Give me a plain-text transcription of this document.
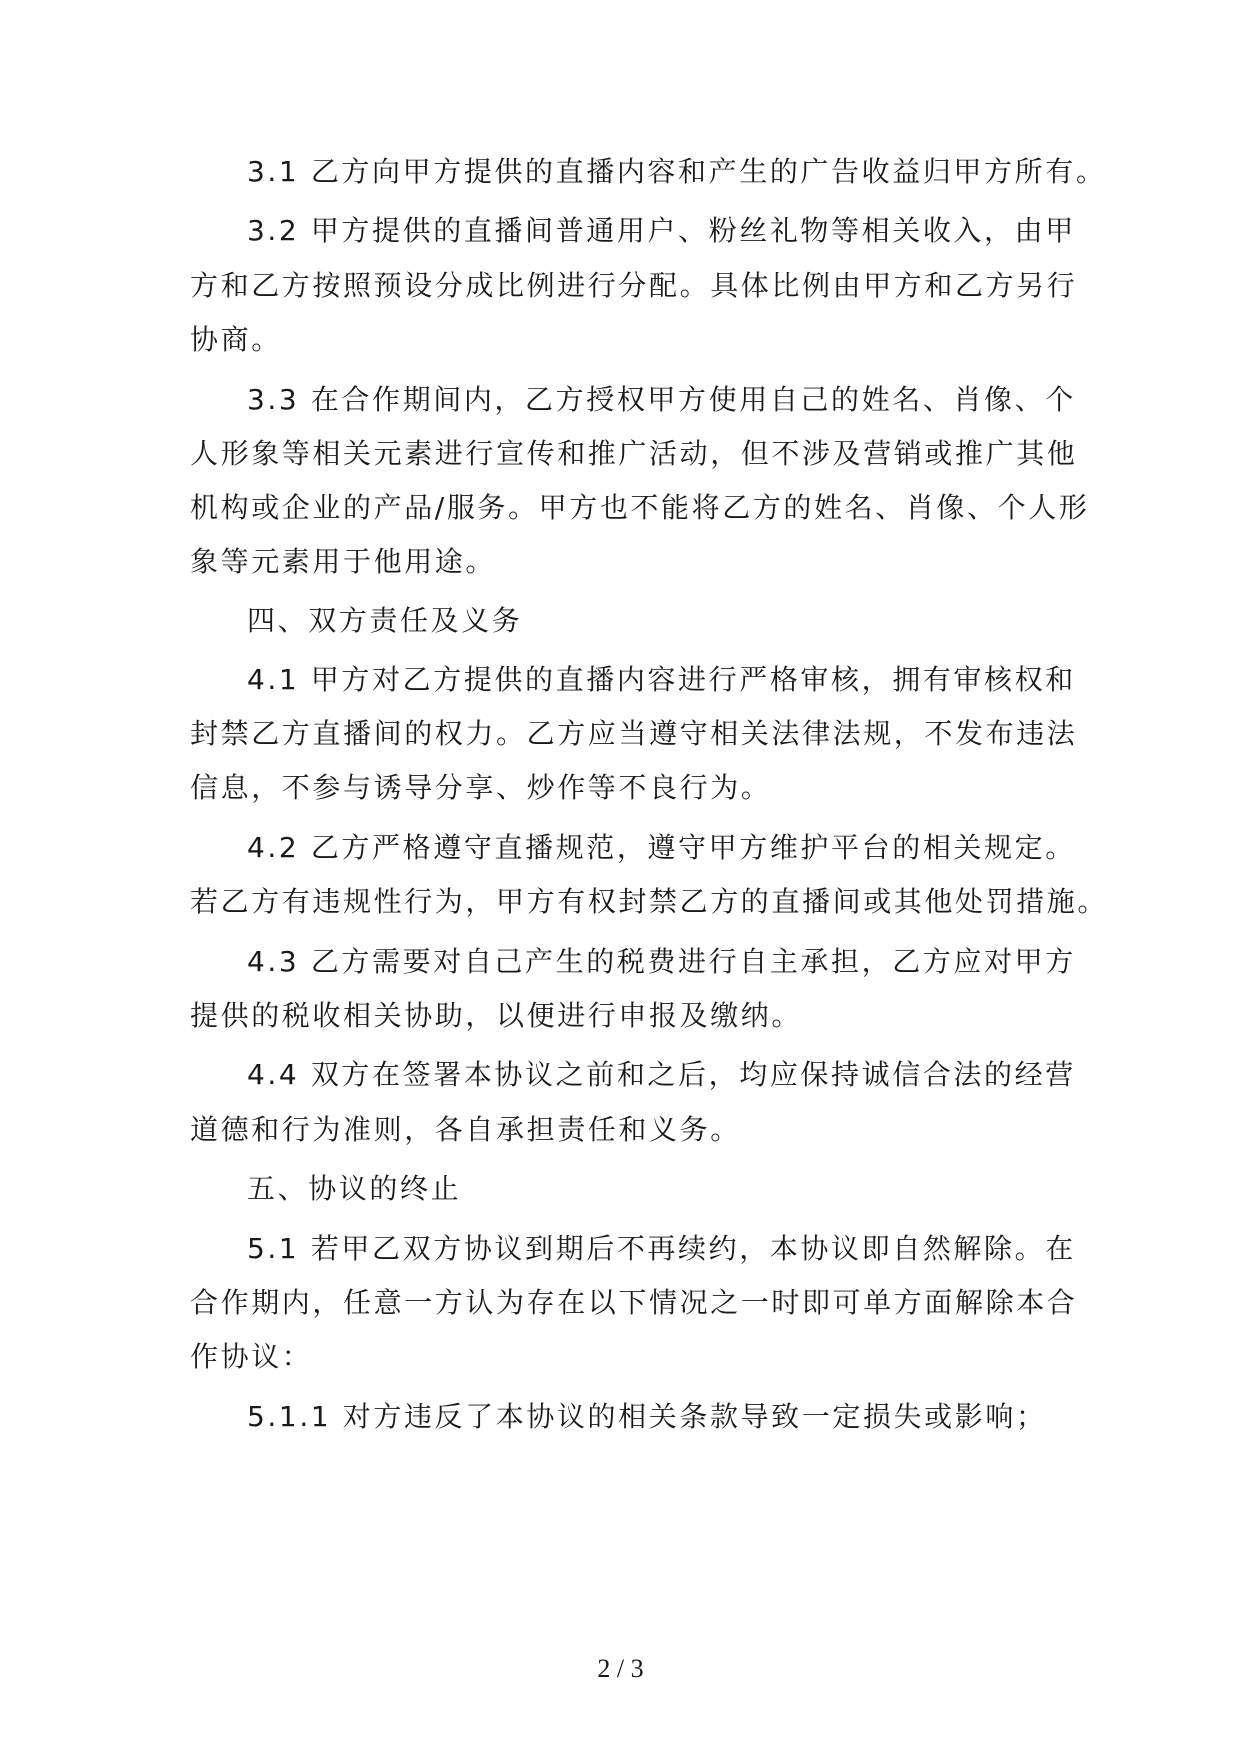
3.1 乙方向甲方提供的直播内容和产生的广告收益归甲方所有。
3.2 甲方提供的直播间普通用户、粉丝礼物等相关收入，由甲
方和乙方按照预设分成比例进行分配。具体比例由甲方和乙方另行
协商。
3.3 在合作期间内，乙方授权甲方使用自己的姓名、肖像、个
人形象等相关元素进行宣传和推广活动，但不涉及营销或推广其他
机构或企业的产品/服务。甲方也不能将乙方的姓名、肖像、个人形
象等元素用于他用途。
四、双方责任及义务
4.1 甲方对乙方提供的直播内容进行严格审核，拥有审核权和
封禁乙方直播间的权力。乙方应当遵守相关法律法规，不发布违法
信息，不参与诱导分享、炒作等不良行为。
4.2 乙方严格遵守直播规范，遵守甲方维护平台的相关规定。
若乙方有违规性行为，甲方有权封禁乙方的直播间或其他处罚措施。
4.3 乙方需要对自己产生的税费进行自主承担，乙方应对甲方
提供的税收相关协助，以便进行申报及缴纳。
4.4 双方在签署本协议之前和之后，均应保持诚信合法的经营
道德和行为准则，各自承担责任和义务。
五、协议的终止
5.1 若甲乙双方协议到期后不再续约，本协议即自然解除。在
合作期内，任意一方认为存在以下情况之一时即可单方面解除本合
作协议：
5.1.1 对方违反了本协议的相关条款导致一定损失或影响；
2 / 3
